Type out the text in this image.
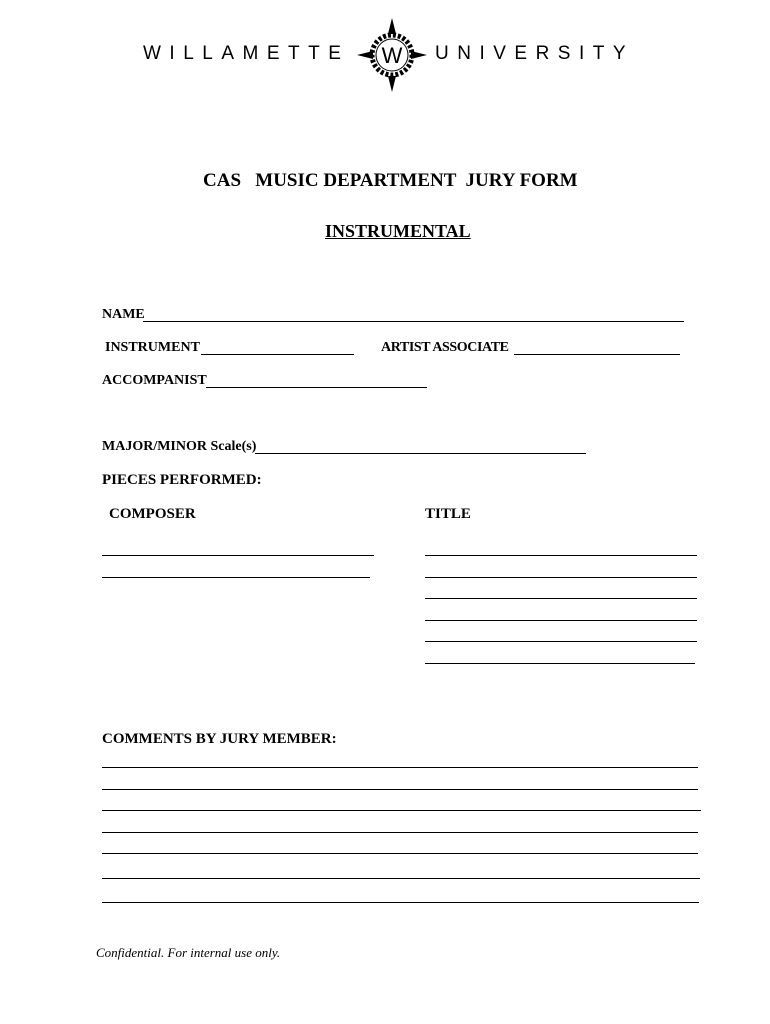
WILLAMETTE W UNIVERSITY
CAS   MUSIC DEPARTMENT  JURY FORM
INSTRUMENTAL
NAME
INSTRUMENT	ARTIST ASSOCIATE
ACCOMPANIST
MAJOR/MINOR Scale(s)
PIECES PERFORMED:
COMPOSER	TITLE
COMMENTS BY JURY MEMBER:
Confidential. For internal use only.
